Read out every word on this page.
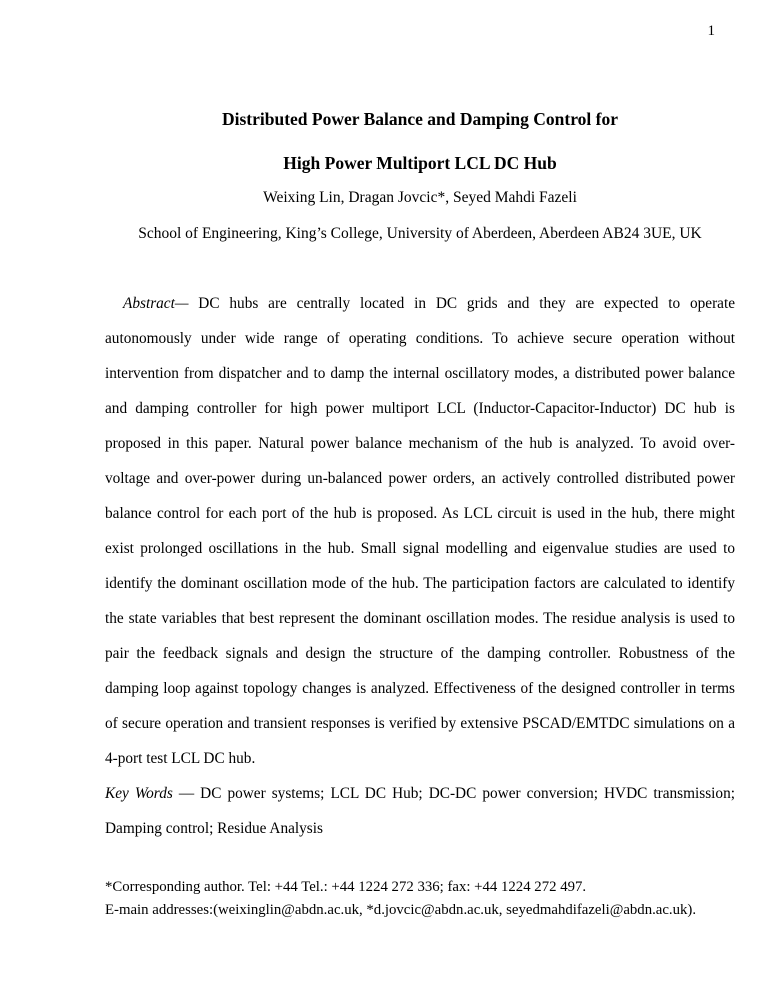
1
Distributed Power Balance and Damping Control for
High Power Multiport LCL DC Hub
Weixing Lin, Dragan Jovcic*, Seyed Mahdi Fazeli
School of Engineering, King’s College, University of Aberdeen, Aberdeen AB24 3UE, UK

Abstract— DC hubs are centrally located in DC grids and they are expected to operate autonomously under wide range of operating conditions. To achieve secure operation without intervention from dispatcher and to damp the internal oscillatory modes, a distributed power balance and damping controller for high power multiport LCL (Inductor-Capacitor-Inductor) DC hub is proposed in this paper. Natural power balance mechanism of the hub is analyzed. To avoid over-voltage and over-power during un-balanced power orders, an actively controlled distributed power balance control for each port of the hub is proposed. As LCL circuit is used in the hub, there might exist prolonged oscillations in the hub. Small signal modelling and eigenvalue studies are used to identify the dominant oscillation mode of the hub. The participation factors are calculated to identify the state variables that best represent the dominant oscillation modes. The residue analysis is used to pair the feedback signals and design the structure of the damping controller. Robustness of the damping loop against topology changes is analyzed. Effectiveness of the designed controller in terms of secure operation and transient responses is verified by extensive PSCAD/EMTDC simulations on a 4-port test LCL DC hub.

Key Words — DC power systems; LCL DC Hub; DC-DC power conversion; HVDC transmission; Damping control; Residue Analysis

*Corresponding author. Tel: +44 Tel.: +44 1224 272 336; fax: +44 1224 272 497.
E-main addresses:(weixinglin@abdn.ac.uk, *d.jovcic@abdn.ac.uk, seyedmahdifazeli@abdn.ac.uk).
